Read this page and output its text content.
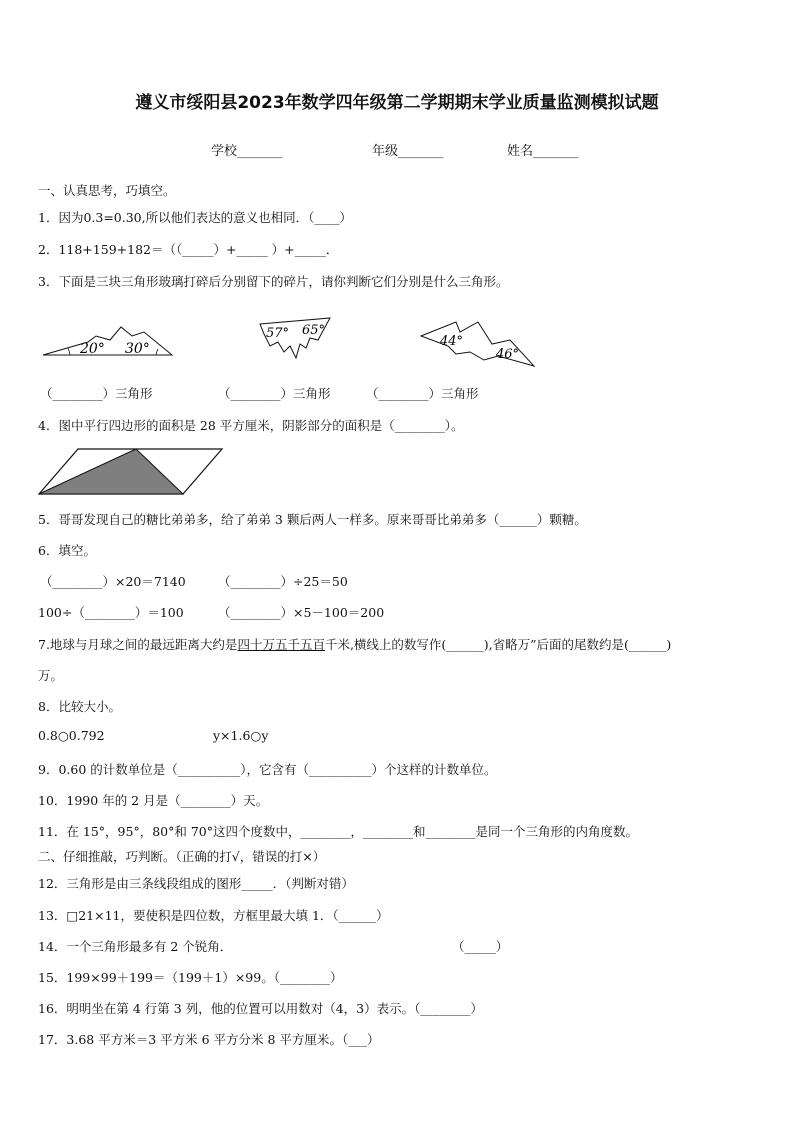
遵义市绥阳县2023年数学四年级第二学期期末学业质量监测模拟试题
学校_______	年级_______	姓名_______
一、认真思考，巧填空。
1．因为0.3=0.30,所以他们表达的意义也相同．（____）
2．118+159+182＝（（_____）+_____ ）+_____．
3．下面是三块三角形玻璃打碎后分别留下的碎片，请你判断它们分别是什么三角形。
20° 30°
57° 65°
44°
46°
（________）三角形	（________）三角形	（________）三角形
4．图中平行四边形的面积是 28 平方厘米，阴影部分的面积是（________）。
5．哥哥发现自己的糖比弟弟多，给了弟弟 3 颗后两人一样多。原来哥哥比弟弟多（______）颗糖。
6．填空。
（________）×20＝7140	（________）÷25＝50
100÷（________）＝100	（________）×5－100＝200
7.地球与月球之间的最远距离大约是四十万五千五百千米,横线上的数写作(______),省略万”后面的尾数约是(______)
万。
8．比较大小。
0.8○0.792	y×1.6○y
9．0.60 的计数单位是（__________），它含有（__________）个这样的计数单位。
10．1990 年的 2 月是（________）天。
11．在 15°，95°，80°和 70°这四个度数中，________，________和________是同一个三角形的内角度数。
二、仔细推敲，巧判断。（正确的打√，错误的打×）
12．三角形是由三条线段组成的图形_____．（判断对错）
13．□21×11，要使积是四位数，方框里最大填 1．（______）
14．一个三角形最多有 2 个锐角．	（_____）
15．199×99＋199＝（199＋1）×99。（________）
16．明明坐在第 4 行第 3 列，他的位置可以用数对（4，3）表示。（________）
17．3.68 平方米＝3 平方米 6 平方分米 8 平方厘米。（___）
